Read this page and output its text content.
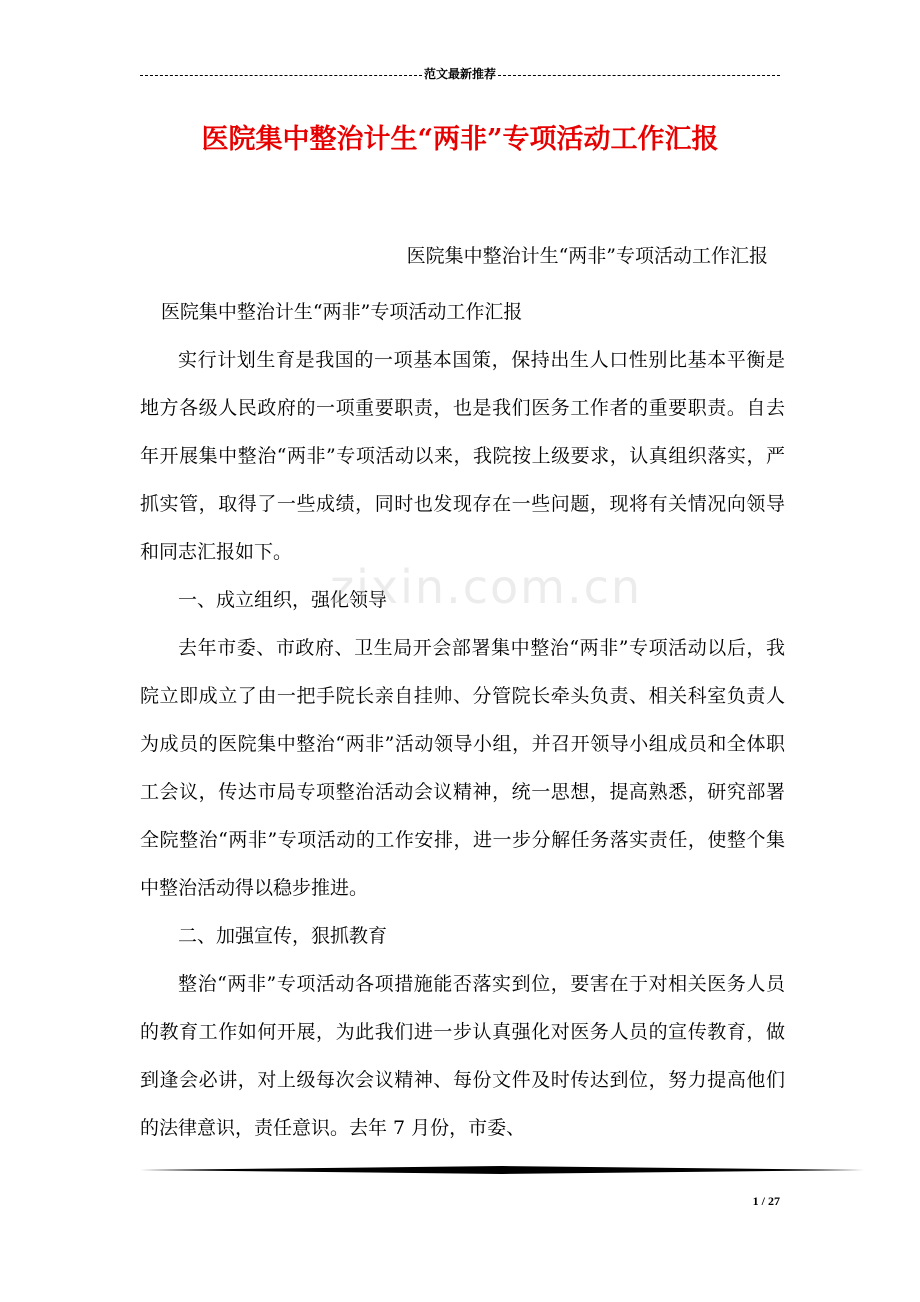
范文最新推荐
医院集中整治计生“两非”专项活动工作汇报

医院集中整治计生“两非”专项活动工作汇报

医院集中整治计生“两非”专项活动工作汇报

实行计划生育是我国的一项基本国策，保持出生人口性别比基本平衡是地方各级人民政府的一项重要职责，也是我们医务工作者的重要职责。自去年开展集中整治“两非”专项活动以来，我院按上级要求，认真组织落实，严抓实管，取得了一些成绩，同时也发现存在一些问题，现将有关情况向领导和同志汇报如下。

一、成立组织，强化领导

去年市委、市政府、卫生局开会部署集中整治“两非”专项活动以后，我院立即成立了由一把手院长亲自挂帅、分管院长牵头负责、相关科室负责人为成员的医院集中整治“两非”活动领导小组，并召开领导小组成员和全体职工会议，传达市局专项整治活动会议精神，统一思想，提高熟悉，研究部署全院整治“两非”专项活动的工作安排，进一步分解任务落实责任，使整个集中整治活动得以稳步推进。

二、加强宣传，狠抓教育

整治“两非”专项活动各项措施能否落实到位，要害在于对相关医务人员的教育工作如何开展，为此我们进一步认真强化对医务人员的宣传教育，做到逢会必讲，对上级每次会议精神、每份文件及时传达到位，努力提高他们的法律意识，责任意识。去年 7 月份，市委、

zixin.com.cn
1 / 27
